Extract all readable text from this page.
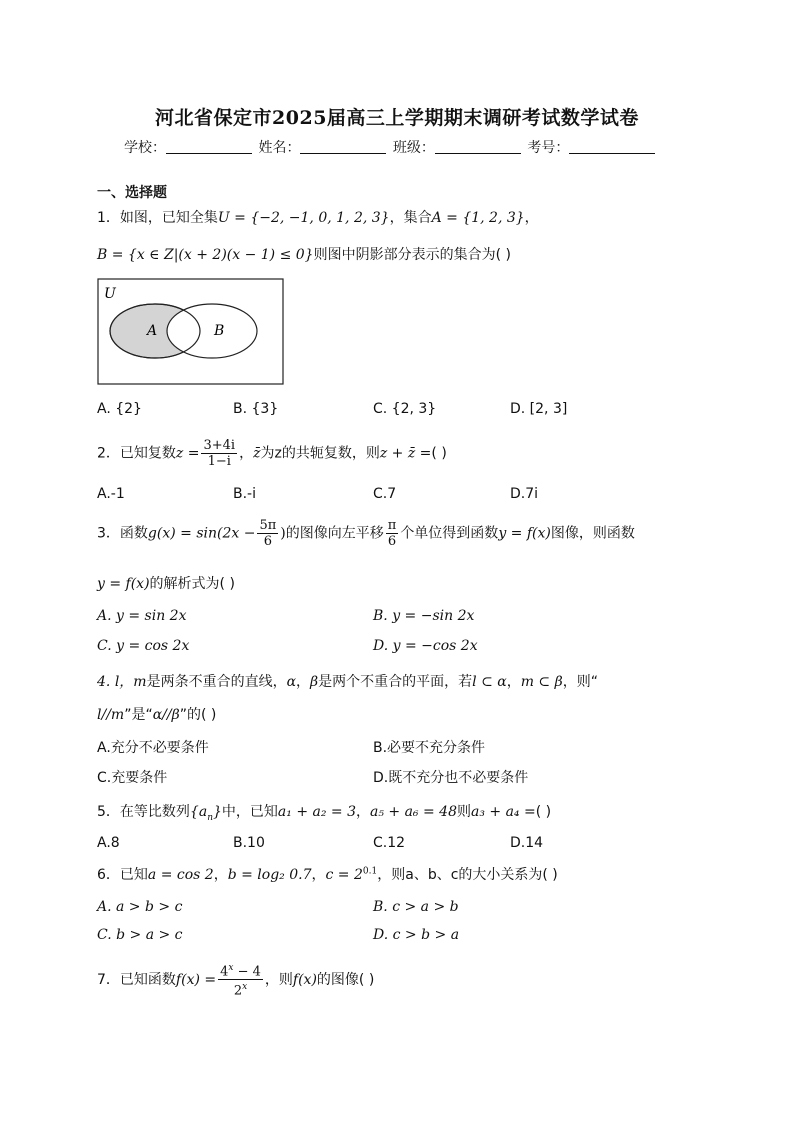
河北省保定市2025届高三上学期期末调研考试数学试卷
学校：	姓名：	班级：	考号：
一、选择题
1．如图，已知全集U = {−2, −1, 0, 1, 2, 3}，集合A = {1, 2, 3}，
B = {x ∈ Z|(x + 2)(x − 1) ≤ 0}则图中阴影部分表示的集合为( )
U
A	B
A. {2}	B. {3}	C. {2, 3}	D. [2, 3]
2．已知复数$z = \frac{3+4i}{1-i}$ ，z̄为z的共轭复数，则z + z̄ =( )
A.-1	B.-i	C.7	D.7i
3．函数$g(x) = \sin(2x - \frac{5\pi}{6}$ )的图像向左平移 $\frac{\pi}{6}$ 个单位得到函数y = f(x)图像，则函数
y = f(x)的解析式为( )
A. y = sin 2x	B. y = −sin 2x
C. y = cos 2x	D. y = −cos 2x
4. l，m是两条不重合的直线，α，β是两个不重合的平面，若l ⊂ α，m ⊂ β，则“
l//m”是“α//β”的( )
A.充分不必要条件	B.必要不充分条件
C.充要条件	D.既不充分也不必要条件
5．在等比数列$\{a_n\}$中，已知a₁ + a₂ = 3，a₅ + a₆ = 48则a₃ + a₄ =( )
A.8	B.10	C.12	D.14
6．已知a = cos 2，b = log₂ 0.7，$c = 2^{0.1}$，则a、b、c的大小关系为( )
A. a > b > c	B. c > a > b
C. b > a > c	D. c > b > a
7．已知函数$f(x) = \frac{4^x - 4}{2^x}$ ，则f(x)的图像( )
